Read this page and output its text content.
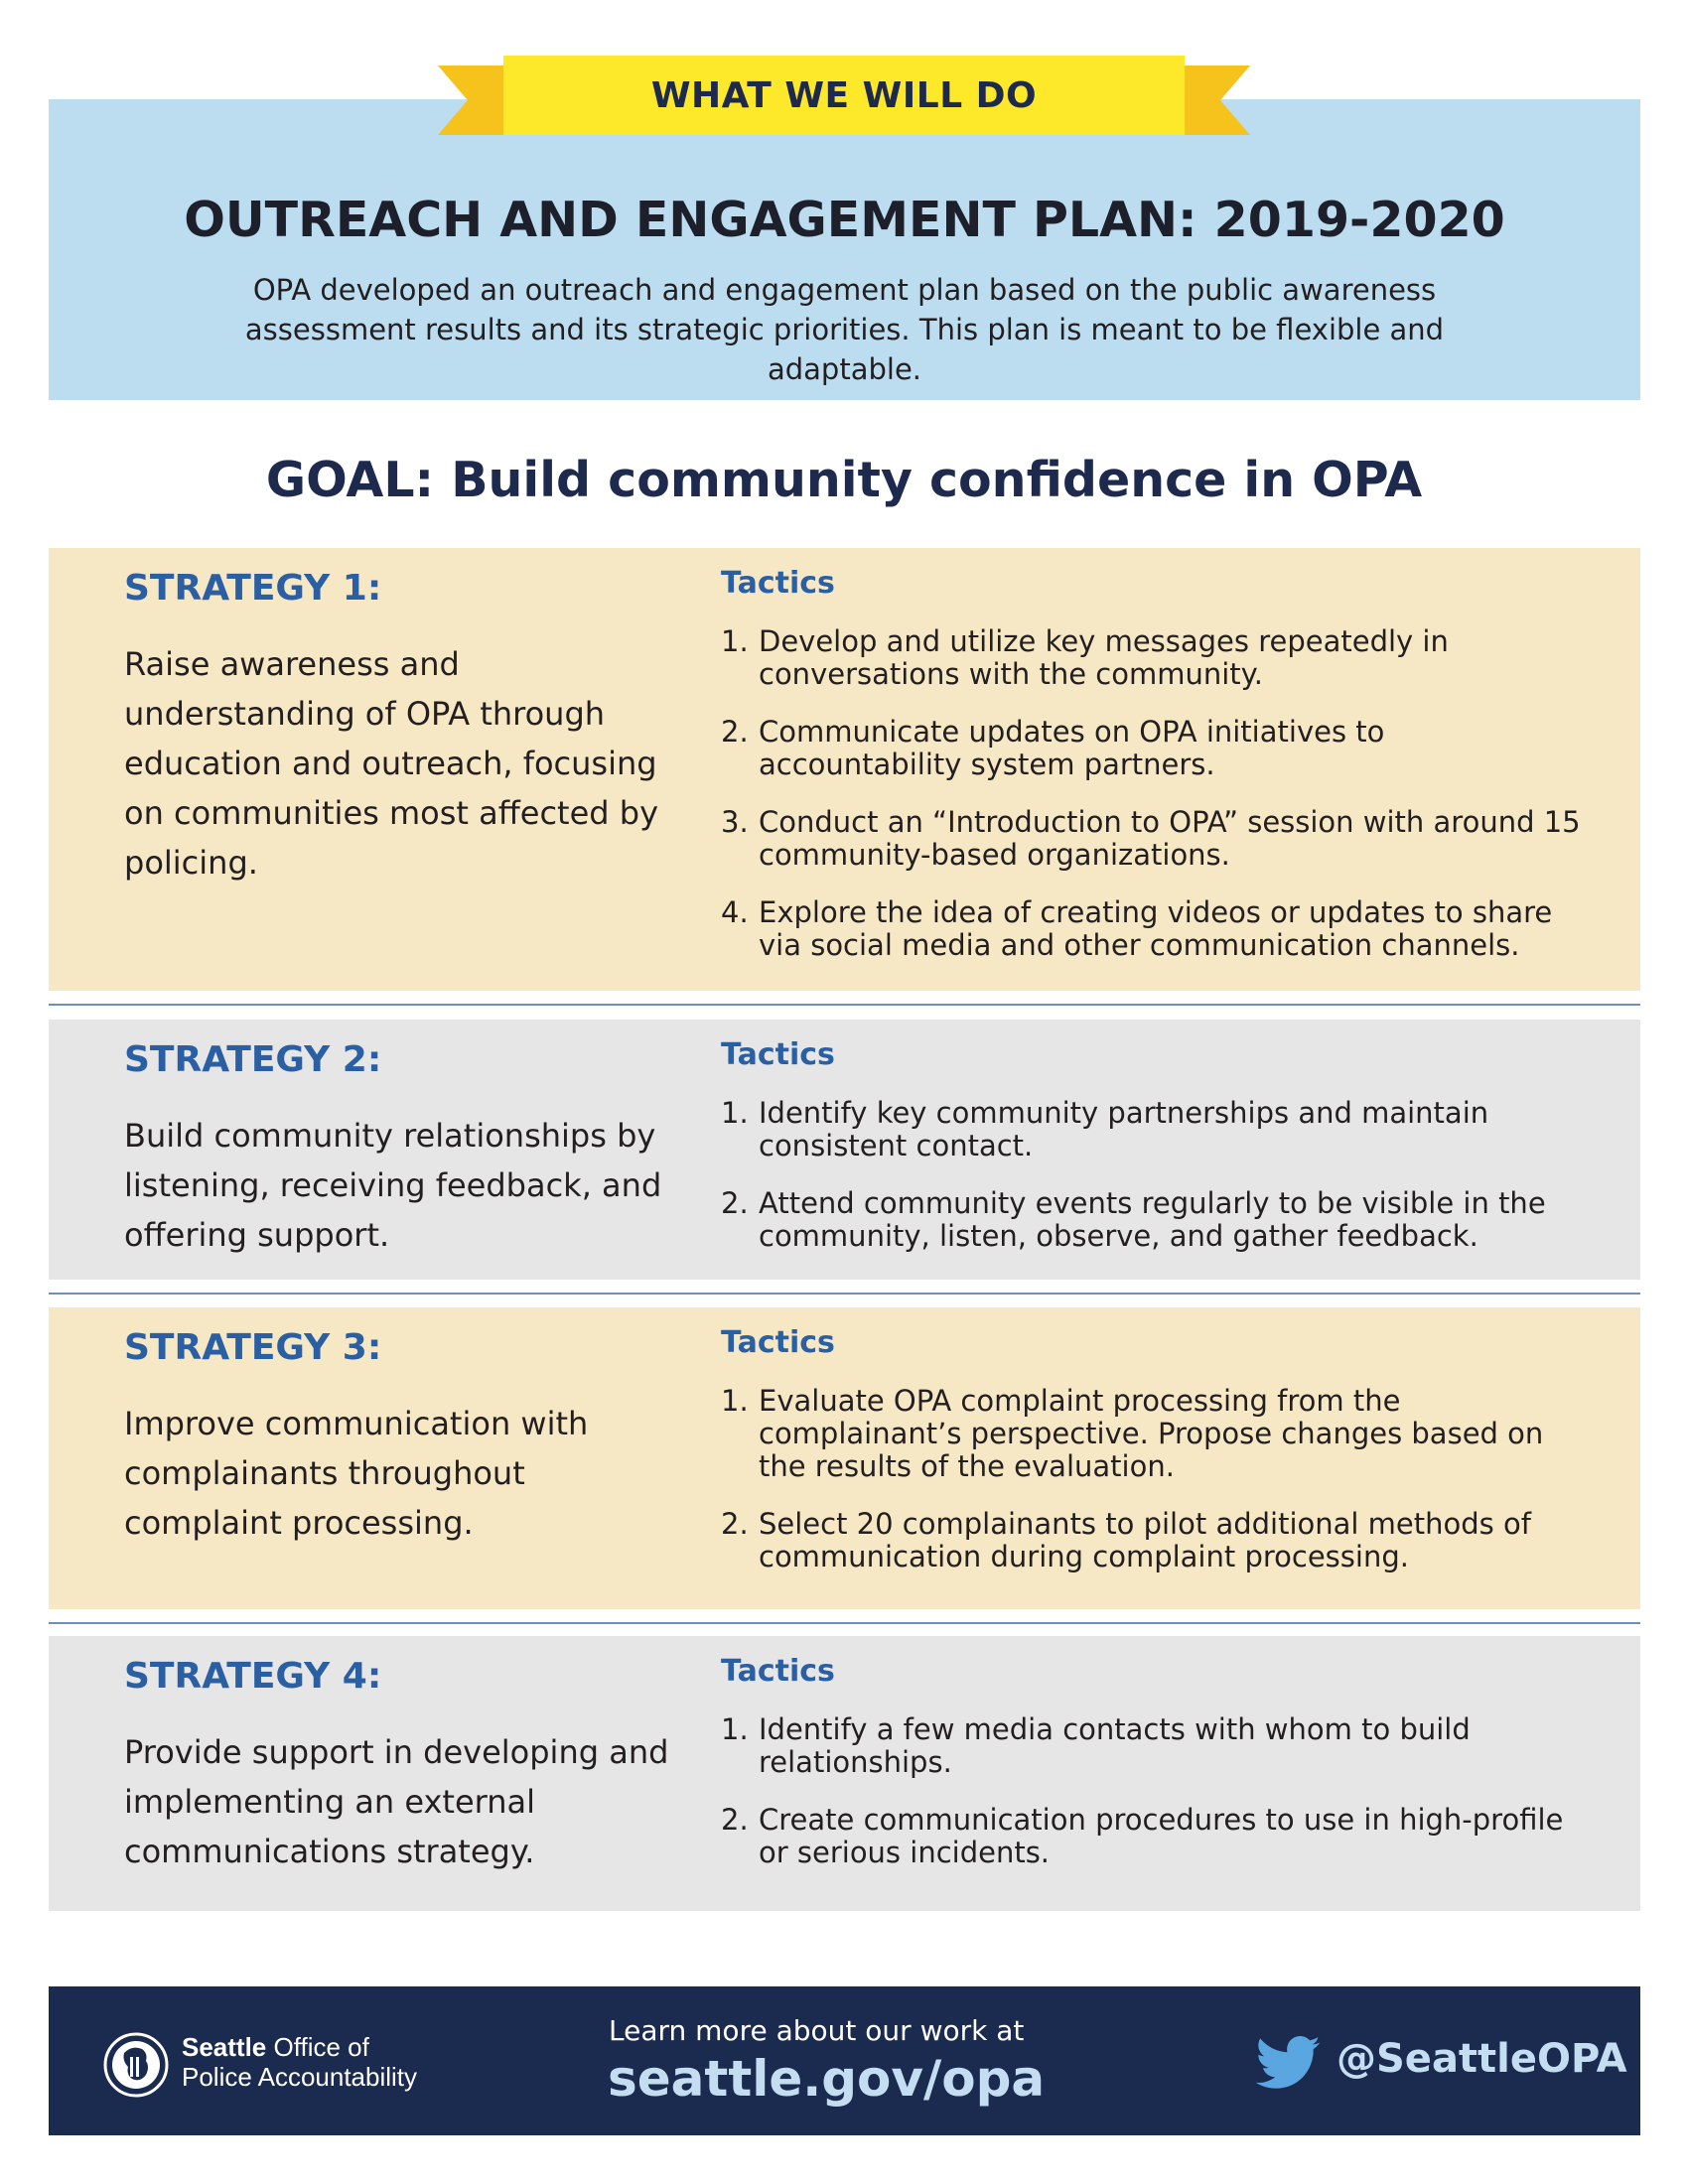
OUTREACH AND ENGAGEMENT PLAN: 2019-2020
OPA developed an outreach and engagement plan based on the public awareness assessment results and its strategic priorities. This plan is meant to be flexible and adaptable.
WHAT WE WILL DO
GOAL: Build community confidence in OPA
STRATEGY 1:
Raise awareness and understanding of OPA through education and outreach, focusing on communities most affected by policing.
Tactics
1. Develop and utilize key messages repeatedly in conversations with the community.
2. Communicate updates on OPA initiatives to accountability system partners.
3. Conduct an “Introduction to OPA” session with around 15 community-based organizations.
4. Explore the idea of creating videos or updates to share via social media and other communication channels.
STRATEGY 2:
Build community relationships by listening, receiving feedback, and offering support.
Tactics
1. Identify key community partnerships and maintain consistent contact.
2. Attend community events regularly to be visible in the community, listen, observe, and gather feedback.
STRATEGY 3:
Improve communication with complainants throughout complaint processing.
Tactics
1. Evaluate OPA complaint processing from the complainant’s perspective. Propose changes based on the results of the evaluation.
2. Select 20 complainants to pilot additional methods of communication during complaint processing.
STRATEGY 4:
Provide support in developing and implementing an external communications strategy.
Tactics
1. Identify a few media contacts with whom to build relationships.
2. Create communication procedures to use in high-profile or serious incidents.
Seattle Office of
Police Accountability
Learn more about our work at
seattle.gov/opa	@SeattleOPA
